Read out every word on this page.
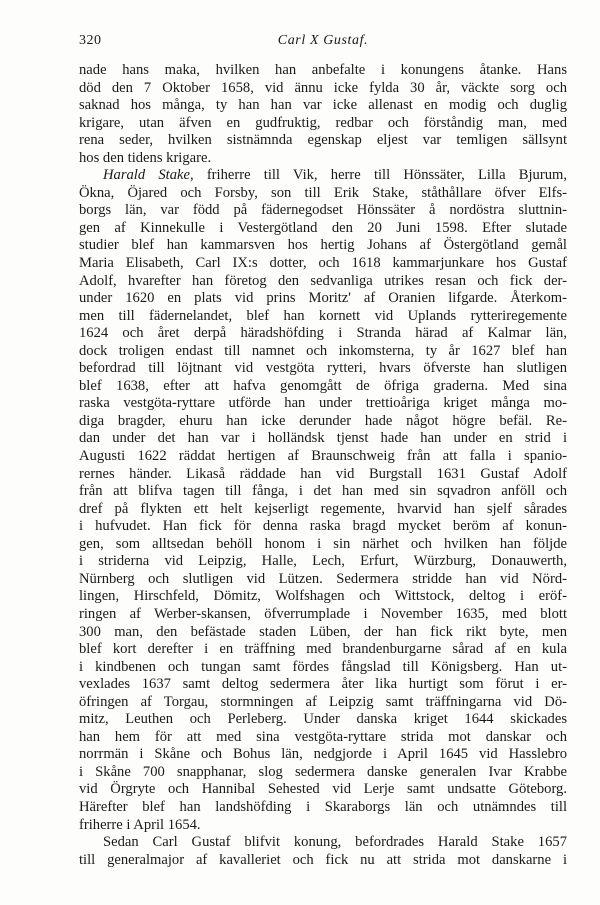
320	Carl X Gustaf.
nade hans maka, hvilken han anbefalte i konungens åtanke. Hans
död den 7 Oktober 1658, vid ännu icke fylda 30 år, väckte sorg och
saknad hos många, ty han han var icke allenast en modig och duglig
krigare, utan äfven en gudfruktig, redbar och förståndig man, med
rena seder, hvilken sistnämnda egenskap eljest var temligen sällsynt
hos den tidens krigare.
Harald Stake, friherre till Vik, herre till Hönssäter, Lilla Bjurum,
Ökna, Öjared och Forsby, son till Erik Stake, ståthållare öfver Elfs-
borgs län, var född på fädernegodset Hönssäter å nordöstra sluttnin-
gen af Kinnekulle i Vestergötland den 20 Juni 1598. Efter slutade
studier blef han kammarsven hos hertig Johans af Östergötland gemål
Maria Elisabeth, Carl IX:s dotter, och 1618 kammarjunkare hos Gustaf
Adolf, hvarefter han företog den sedvanliga utrikes resan och fick der-
under 1620 en plats vid prins Moritz' af Oranien lifgarde. Återkom-
men till fädernelandet, blef han kornett vid Uplands rytteriregemente
1624 och året derpå häradshöfding i Stranda härad af Kalmar län,
dock troligen endast till namnet och inkomsterna, ty år 1627 blef han
befordrad till löjtnant vid vestgöta rytteri, hvars öfverste han slutligen
blef 1638, efter att hafva genomgått de öfriga graderna. Med sina
raska vestgöta-ryttare utförde han under trettioåriga kriget många mo-
diga bragder, ehuru han icke derunder hade något högre befäl. Re-
dan under det han var i holländsk tjenst hade han under en strid i
Augusti 1622 räddat hertigen af Braunschweig från att falla i spanio-
rernes händer. Likaså räddade han vid Burgstall 1631 Gustaf Adolf
från att blifva tagen till fånga, i det han med sin sqvadron anföll och
dref på flykten ett helt kejserligt regemente, hvarvid han sjelf sårades
i hufvudet. Han fick för denna raska bragd mycket beröm af konun-
gen, som alltsedan behöll honom i sin närhet och hvilken han följde
i striderna vid Leipzig, Halle, Lech, Erfurt, Würzburg, Donauwerth,
Nürnberg och slutligen vid Lützen. Sedermera stridde han vid Nörd-
lingen, Hirschfeld, Dömitz, Wolfshagen och Wittstock, deltog i eröf-
ringen af Werber-skansen, öfverrumplade i November 1635, med blott
300 man, den befästade staden Lüben, der han fick rikt byte, men
blef kort derefter i en träffning med brandenburgarne sårad af en kula
i kindbenen och tungan samt fördes fångslad till Königsberg. Han ut-
vexlades 1637 samt deltog sedermera åter lika hurtigt som förut i er-
öfringen af Torgau, stormningen af Leipzig samt träffningarna vid Dö-
mitz, Leuthen och Perleberg. Under danska kriget 1644 skickades
han hem för att med sina vestgöta-ryttare strida mot danskar och
norrmän i Skåne och Bohus län, nedgjorde i April 1645 vid Hasslebro
i Skåne 700 snapphanar, slog sedermera danske generalen Ivar Krabbe
vid Örgryte och Hannibal Sehested vid Lerje samt undsatte Göteborg.
Härefter blef han landshöfding i Skaraborgs län och utnämndes till
friherre i April 1654.
Sedan Carl Gustaf blifvit konung, befordrades Harald Stake 1657
till generalmajor af kavalleriet och fick nu att strida mot danskarne i
